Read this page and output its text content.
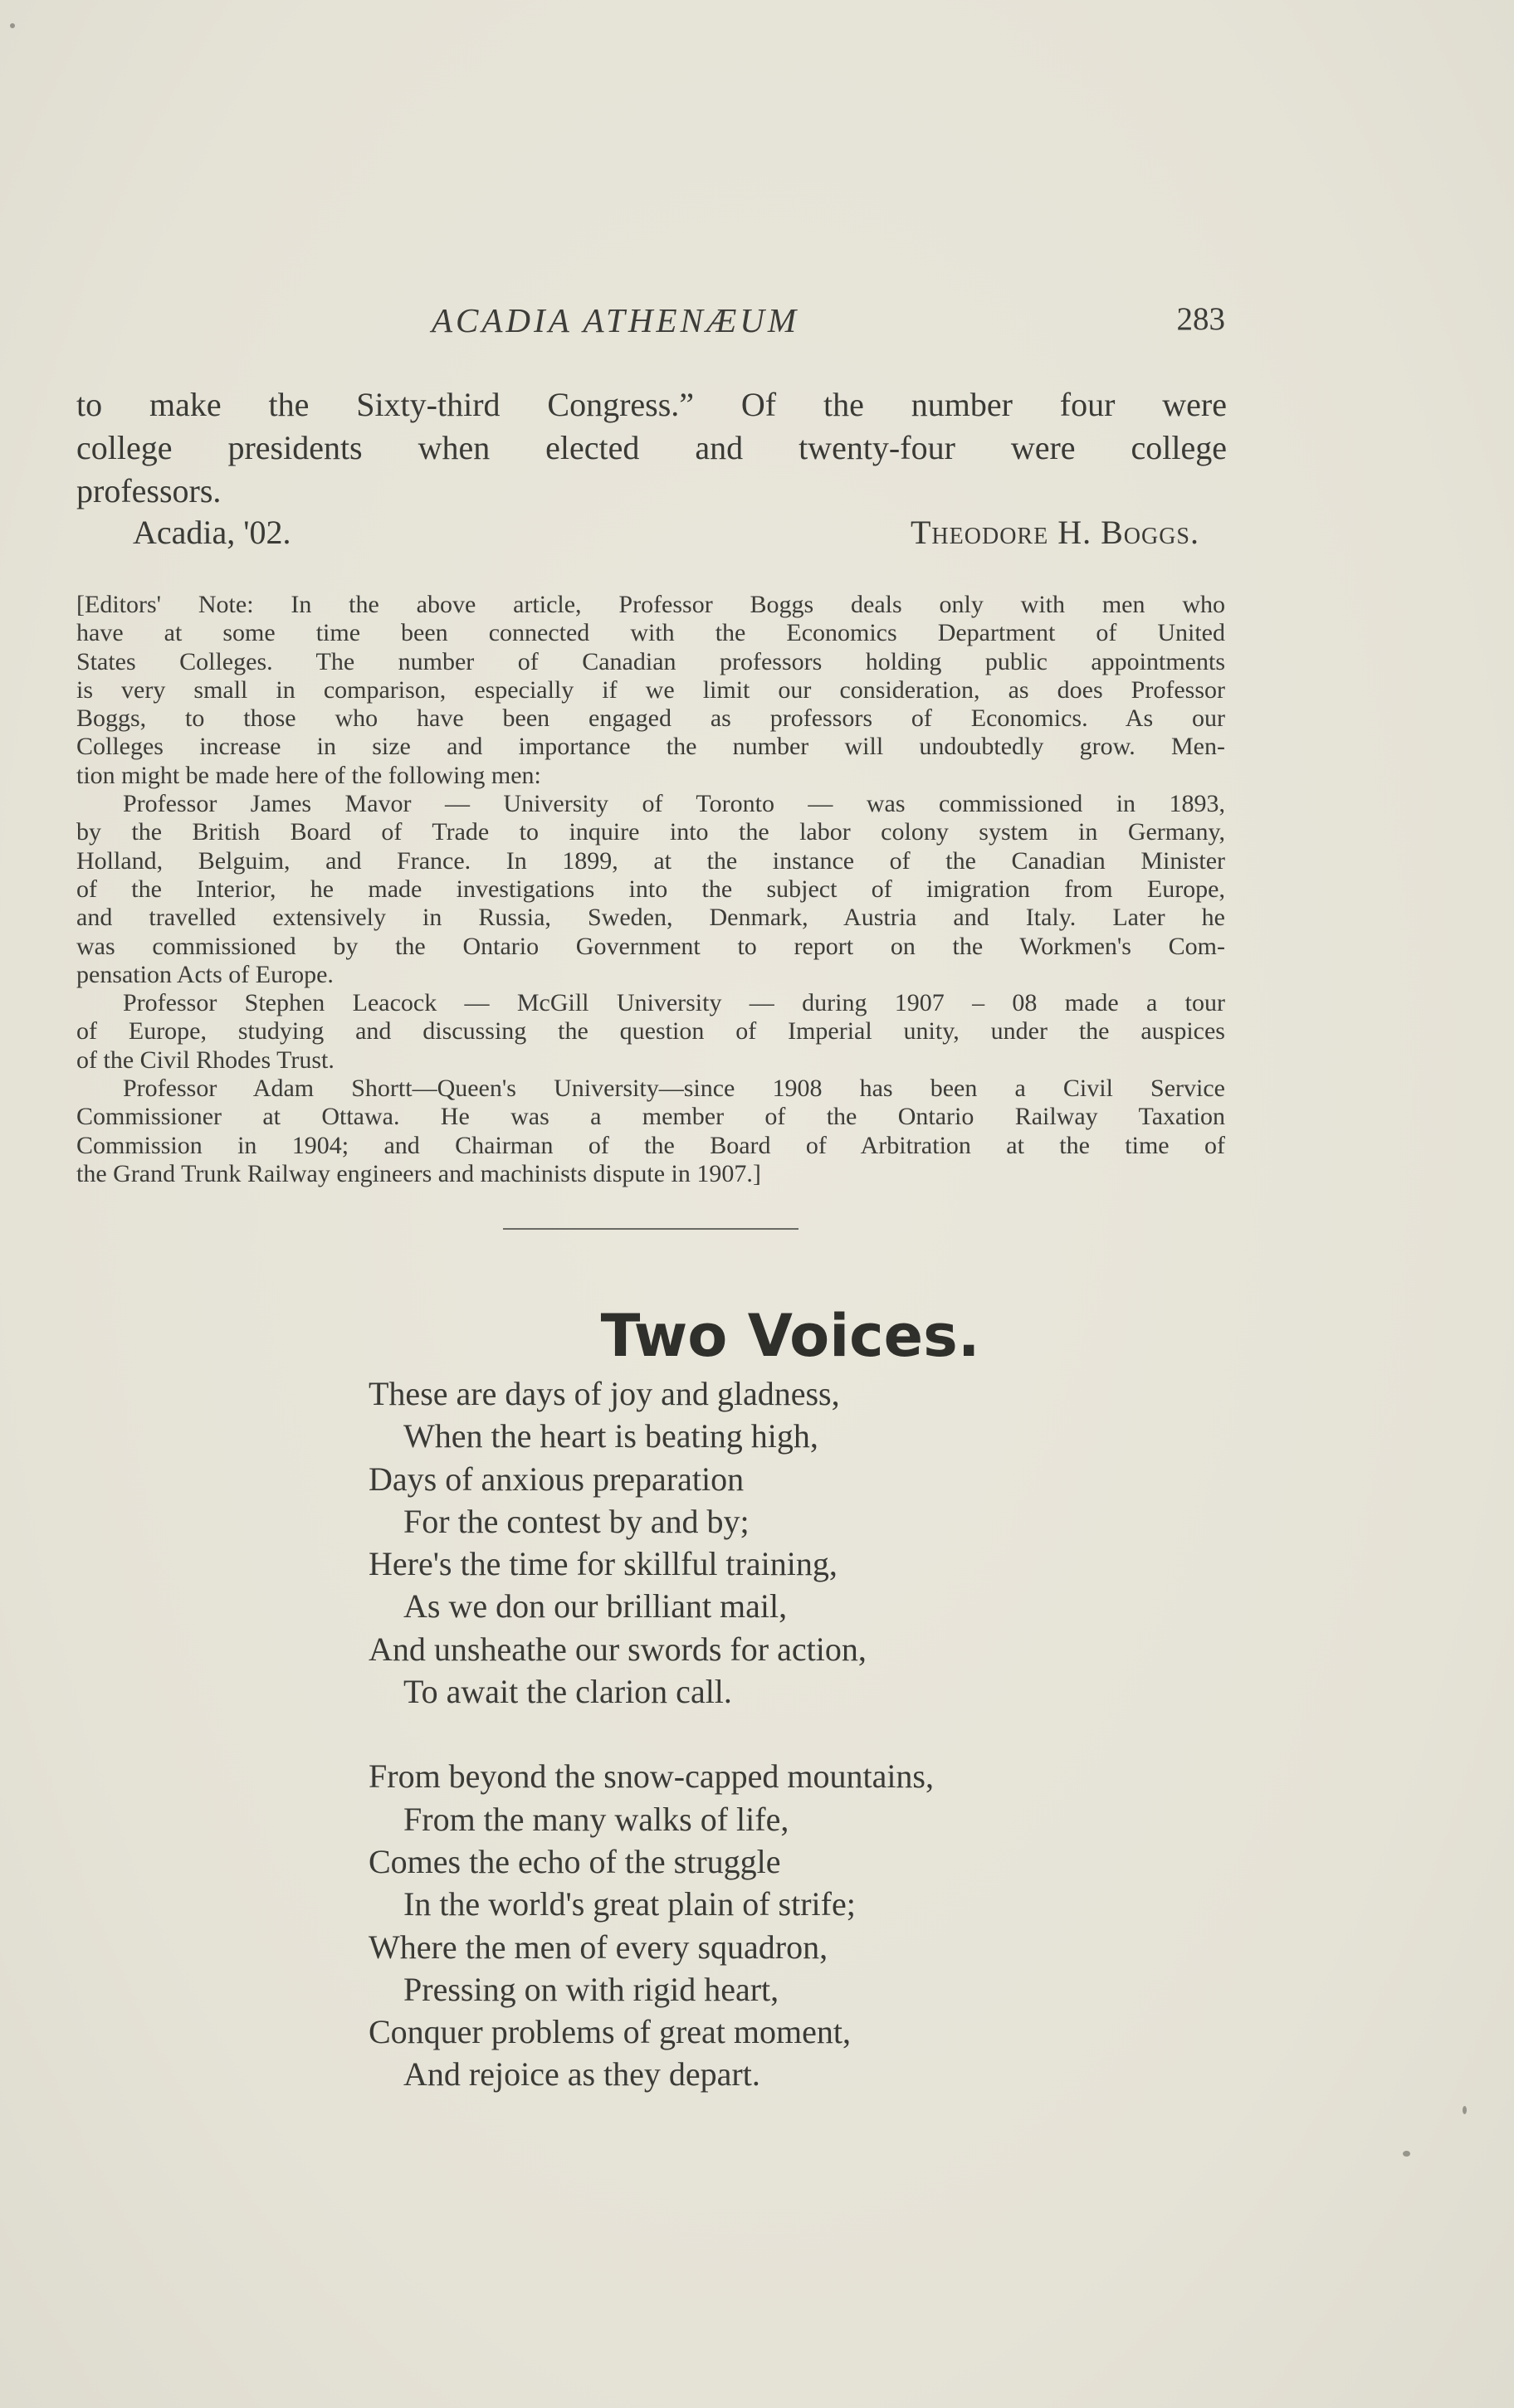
ACADIA ATHENÆUM	283
to make the Sixty-third Congress.” Of the number four were
college presidents when elected and twenty-four were college
professors.
Acadia, '02.	Theodore H. Boggs.
[Editors' Note: In the above article, Professor Boggs deals only with men who
have at some time been connected with the Economics Department of United
States Colleges. The number of Canadian professors holding public appointments
is very small in comparison, especially if we limit our consideration, as does Professor
Boggs, to those who have been engaged as professors of Economics. As our
Colleges increase in size and importance the number will undoubtedly grow. Men-
tion might be made here of the following men:
Professor James Mavor — University of Toronto — was commissioned in 1893,
by the British Board of Trade to inquire into the labor colony system in Germany,
Holland, Belguim, and France. In 1899, at the instance of the Canadian Minister
of the Interior, he made investigations into the subject of imigration from Europe,
and travelled extensively in Russia, Sweden, Denmark, Austria and Italy. Later he
was commissioned by the Ontario Government to report on the Workmen's Com-
pensation Acts of Europe.
Professor Stephen Leacock — McGill University — during 1907 – 08 made a tour
of Europe, studying and discussing the question of Imperial unity, under the auspices
of the Civil Rhodes Trust.
Professor Adam Shortt—Queen's University—since 1908 has been a Civil Service
Commissioner at Ottawa. He was a member of the Ontario Railway Taxation
Commission in 1904; and Chairman of the Board of Arbitration at the time of
the Grand Trunk Railway engineers and machinists dispute in 1907.]
Two Voices.
These are days of joy and gladness,
When the heart is beating high,
Days of anxious preparation
For the contest by and by;
Here's the time for skillful training,
As we don our brilliant mail,
And unsheathe our swords for action,
To await the clarion call.
From beyond the snow-capped mountains,
From the many walks of life,
Comes the echo of the struggle
In the world's great plain of strife;
Where the men of every squadron,
Pressing on with rigid heart,
Conquer problems of great moment,
And rejoice as they depart.
